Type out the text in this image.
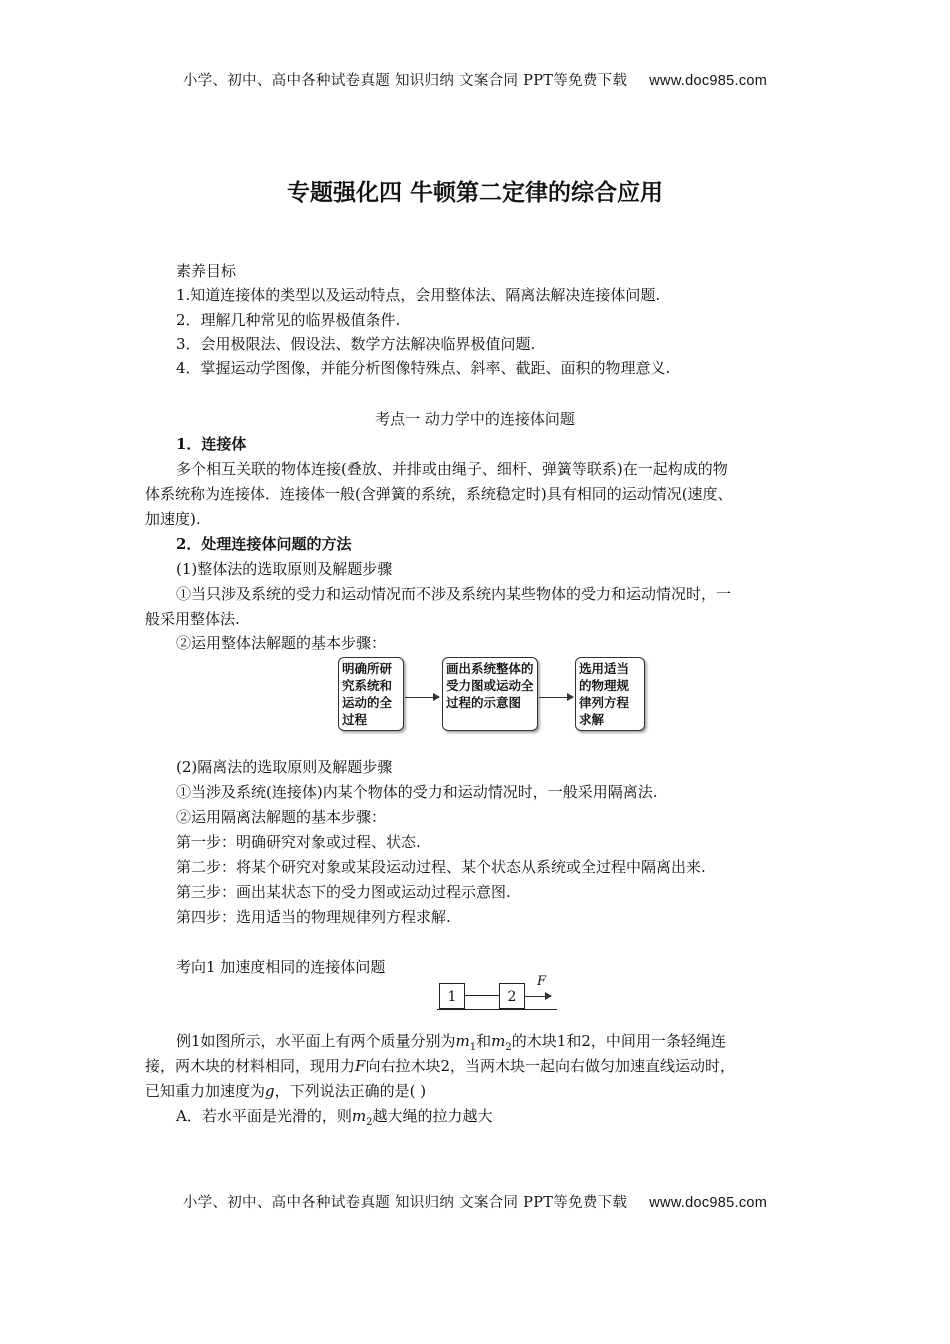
小学、初中、高中各种试卷真题 知识归纳 文案合同 PPT等免费下载 www.doc985.com
专题强化四 牛顿第二定律的综合应用
素养目标
1.知道连接体的类型以及运动特点，会用整体法、隔离法解决连接体问题.
2．理解几种常见的临界极值条件.
3．会用极限法、假设法、数学方法解决临界极值问题.
4．掌握运动学图像，并能分析图像特殊点、斜率、截距、面积的物理意义.
考点一 动力学中的连接体问题
1．连接体
多个相互关联的物体连接(叠放、并排或由绳子、细杆、弹簧等联系)在一起构成的物
体系统称为连接体．连接体一般(含弹簧的系统，系统稳定时)具有相同的运动情况(速度、
加速度).
2．处理连接体问题的方法
(1)整体法的选取原则及解题步骤
①当只涉及系统的受力和运动情况而不涉及系统内某些物体的受力和运动情况时，一
般采用整体法.
②运用整体法解题的基本步骤：
明确所研究系统和运动的全过程
画出系统整体的受力图或运动全过程的示意图
选用适当的物理规律列方程求解
(2)隔离法的选取原则及解题步骤
①当涉及系统(连接体)内某个物体的受力和运动情况时，一般采用隔离法.
②运用隔离法解题的基本步骤：
第一步：明确研究对象或过程、状态.
第二步：将某个研究对象或某段运动过程、某个状态从系统或全过程中隔离出来.
第三步：画出某状态下的受力图或运动过程示意图.
第四步：选用适当的物理规律列方程求解.
考向1 加速度相同的连接体问题
1	2
F
例1如图所示，水平面上有两个质量分别为$m_1$和$m_2$的木块1和2，中间用一条轻绳连
接，两木块的材料相同，现用力F向右拉木块2，当两木块一起向右做匀加速直线运动时，
已知重力加速度为g，下列说法正确的是( )
A．若水平面是光滑的，则$m_2$越大绳的拉力越大
小学、初中、高中各种试卷真题 知识归纳 文案合同 PPT等免费下载 www.doc985.com
